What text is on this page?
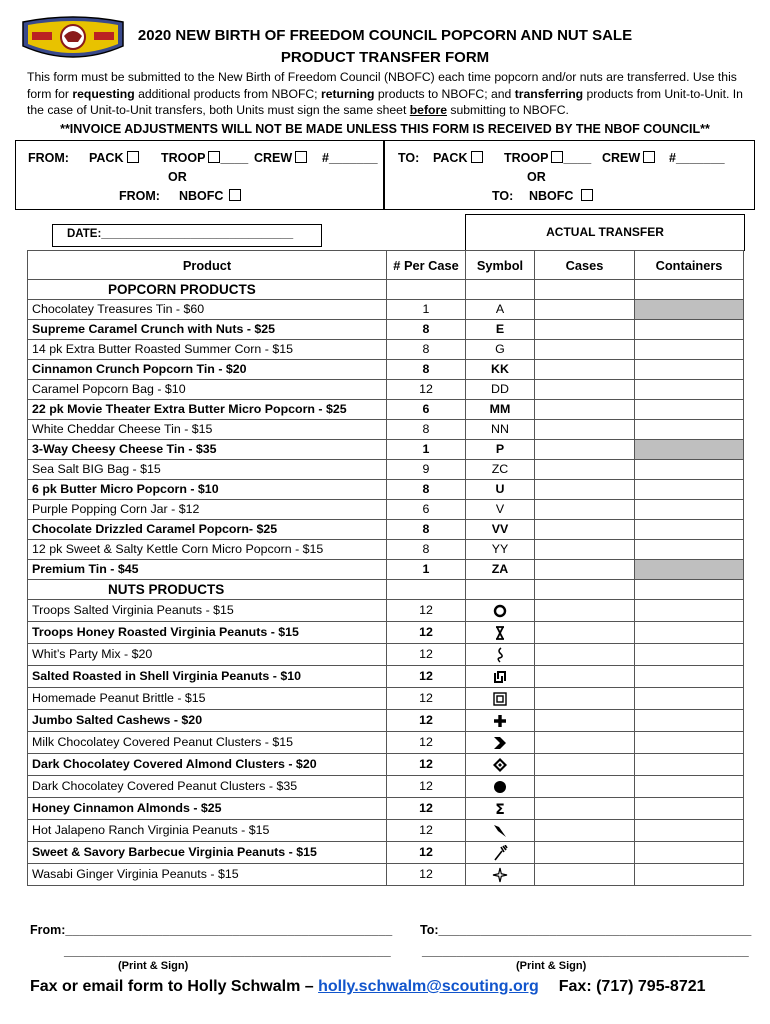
2020 NEW BIRTH OF FREEDOM COUNCIL POPCORN AND NUT SALE
PRODUCT TRANSFER FORM
This form must be submitted to the New Birth of Freedom Council (NBOFC) each time popcorn and/or nuts are transferred. Use this form for requesting additional products from NBOFC; returning products to NBOFC; and transferring products from Unit-to-Unit. In the case of Unit-to-Unit transfers, both Units must sign the same sheet before submitting to NBOFC.
**INVOICE ADJUSTMENTS WILL NOT BE MADE UNLESS THIS FORM IS RECEIVED BY THE NBOF COUNCIL**
FROM: PACK	TROOP ____ CREW	#_______
OR
FROM: NBOFC
TO: PACK	TROOP ____ CREW	#_______
OR
TO: NBOFC
DATE:______________________________	ACTUAL TRANSFER
Product	# Per Case	Symbol	Cases	Containers
POPCORN PRODUCTS				
Chocolatey Treasures Tin - $60	1	A		
Supreme Caramel Crunch with Nuts - $25	8	E		
14 pk Extra Butter Roasted Summer Corn - $15	8	G		
Cinnamon Crunch Popcorn Tin - $20	8	KK		
Caramel Popcorn Bag - $10	12	DD		
22 pk Movie Theater Extra Butter Micro Popcorn - $25	6	MM		
White Cheddar Cheese Tin - $15	8	NN		
3-Way Cheesy Cheese Tin - $35	1	P		
Sea Salt BIG Bag - $15	9	ZC		
6 pk Butter Micro Popcorn - $10	8	U		
Purple Popping Corn Jar - $12	6	V		
Chocolate Drizzled Caramel Popcorn- $25	8	VV		
12 pk Sweet & Salty Kettle Corn Micro Popcorn - $15	8	YY		
Premium Tin - $45	1	ZA		
NUTS PRODUCTS				
Troops Salted Virginia Peanuts - $15	12			
Troops Honey Roasted Virginia Peanuts - $15	12			
Whit’s Party Mix - $20	12			
Salted Roasted in Shell Virginia Peanuts - $10	12			
Homemade Peanut Brittle - $15	12			
Jumbo Salted Cashews - $20	12			
Milk Chocolatey Covered Peanut Clusters - $15	12			
Dark Chocolatey Covered Almond Clusters - $20	12			
Dark Chocolatey Covered Peanut Clusters - $35	12			
Honey Cinnamon Almonds - $25	12	Σ		

Hot Jalapeno Ranch Virginia Peanuts - $15	12			
Sweet & Savory Barbecue Virginia Peanuts - $15	12			
Wasabi Ginger Virginia Peanuts - $15	12			
From:_______________________________________________ To:_____________________________________________
_______________________________________________	_______________________________________________
(Print & Sign)	(Print & Sign)
Fax or email form to Holly Schwalm – holly.schwalm@scouting.org Fax: (717) 795-8721
